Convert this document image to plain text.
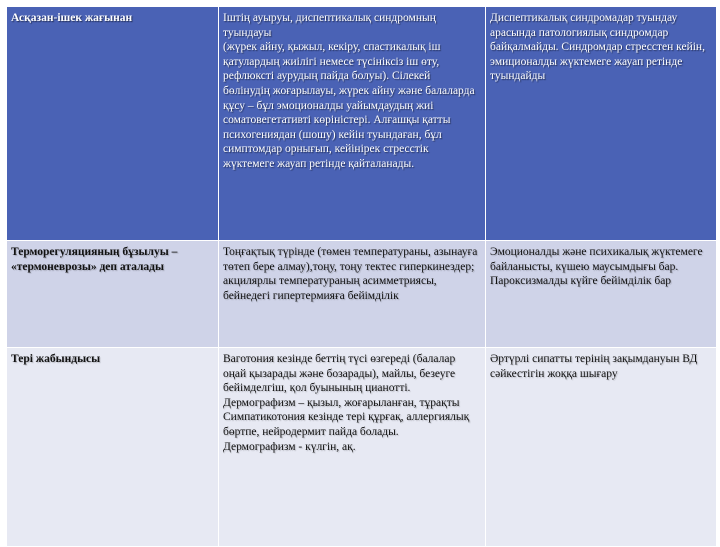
Асқазан-ішек жағынан	Іштің ауыруы, диспептикалық синдромның туындауы
(жүрек айну, қыжыл, кекіру, спастикалық іш қатулардың жиілігі немесе түсініксіз іш өту, рефлюксті аурудың пайда болуы). Сілекей бөлінудің жоғарылауы, жүрек айну және балаларда құсу – бұл эмоционалды уайымдаудың жиі соматовегетативті көріністері. Алғашқы қатты психогениядан (шошу) кейін туындаған, бұл симптомдар орнығып, кейінірек стресстік жүктемеге жауап ретінде қайталанады.	Диспептикалық синдромадар туындау арасында патологиялық синдромдар байқалмайды. Синдромдар стресстен кейін, эмиционалды жүктемеге жауап ретінде туындайды
Терморегуляцияның бұзылуы –
«термоневрозы» деп аталады	Тоңғақтық түрінде (төмен температураны, азынауға төтеп бере алмау),тоңу, тоңу тектес гиперкинездер; акцилярлы температураның асимметриясы, бейнедегі гипертермияға бейімділік	Эмоционалды және психикалық жүктемеге байланысты, күшею маусымдығы бар. Пароксизмалды күйге бейімділік бар
Тері жабындысы	Ваготония кезінде беттің түсі өзгереді (балалар оңай қызарады және бозарады), майлы, безеуге бейімделгіш, қол буынының цианотті.
Дермографизм – қызыл, жоғарыланған, тұрақты
Симпатикотония кезінде тері құрғақ, аллергиялық бөртпе, нейродермит пайда болады.
Дермографизм - күлгін, ақ.	Әртүрлі сипатты терінің зақымдануын ВД сәйкестігін жоққа шығару
